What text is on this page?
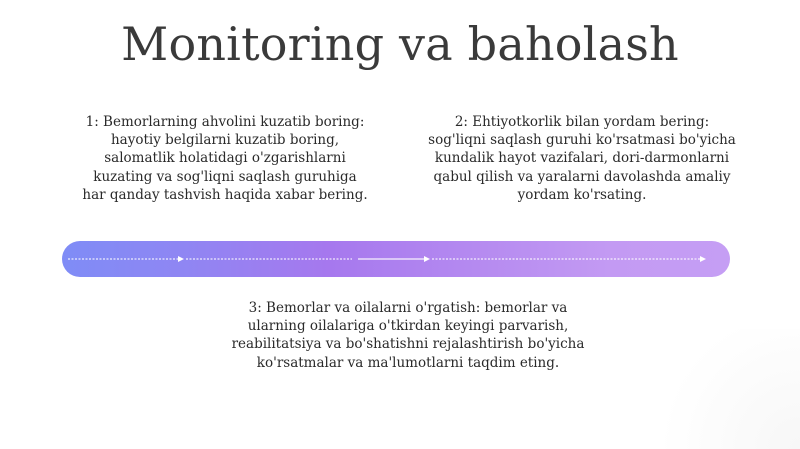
Monitoring va baholash
1: Bemorlarning ahvolini kuzatib boring: hayotiy belgilarni kuzatib boring, salomatlik holatidagi o'zgarishlarni kuzating va sog'liqni saqlash guruhiga har qanday tashvish haqida xabar bering.
2: Ehtiyotkorlik bilan yordam bering: sog'liqni saqlash guruhi ko'rsatmasi bo'yicha kundalik hayot vazifalari, dori-darmonlarni qabul qilish va yaralarni davolashda amaliy yordam ko'rsating.
3: Bemorlar va oilalarni o'rgatish: bemorlar va ularning oilalariga o'tkirdan keyingi parvarish, reabilitatsiya va bo'shatishni rejalashtirish bo'yicha ko'rsatmalar va ma'lumotlarni taqdim eting.
